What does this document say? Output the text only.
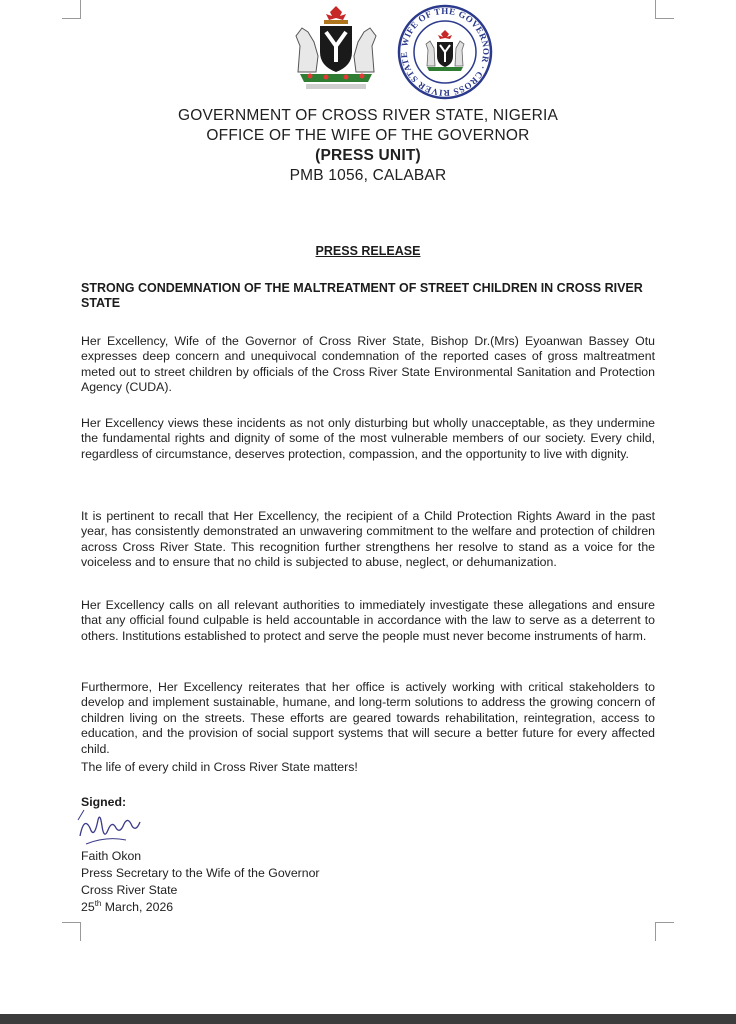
WIFE OF THE GOVERNOR · CROSS RIVER STATE
GOVERNMENT OF CROSS RIVER STATE, NIGERIA
OFFICE OF THE WIFE OF THE GOVERNOR
(PRESS UNIT)
PMB 1056, CALABAR
PRESS RELEASE
STRONG CONDEMNATION OF THE MALTREATMENT OF STREET CHILDREN IN CROSS RIVER STATE

Her Excellency, Wife of the Governor of Cross River State, Bishop Dr.(Mrs) Eyoanwan Bassey Otu expresses deep concern and unequivocal condemnation of the reported cases of gross maltreatment meted out to street children by officials of the Cross River State Environmental Sanitation and Protection Agency (CUDA).

Her Excellency views these incidents as not only disturbing but wholly unacceptable, as they undermine the fundamental rights and dignity of some of the most vulnerable members of our society. Every child, regardless of circumstance, deserves protection, compassion, and the opportunity to live with dignity.

It is pertinent to recall that Her Excellency, the recipient of a Child Protection Rights Award in the past year, has consistently demonstrated an unwavering commitment to the welfare and protection of children across Cross River State. This recognition further strengthens her resolve to stand as a voice for the voiceless and to ensure that no child is subjected to abuse, neglect, or dehumanization.

Her Excellency calls on all relevant authorities to immediately investigate these allegations and ensure that any official found culpable is held accountable in accordance with the law to serve as a deterrent to others. Institutions established to protect and serve the people must never become instruments of harm.

Furthermore, Her Excellency reiterates that her office is actively working with critical stakeholders to develop and implement sustainable, humane, and long-term solutions to address the growing concern of children living on the streets. These efforts are geared towards rehabilitation, reintegration, access to education, and the provision of social support systems that will secure a better future for every affected child.

The life of every child in Cross River State matters!
Signed:
Faith Okon
Press Secretary to the Wife of the Governor
Cross River State
25th March, 2026
